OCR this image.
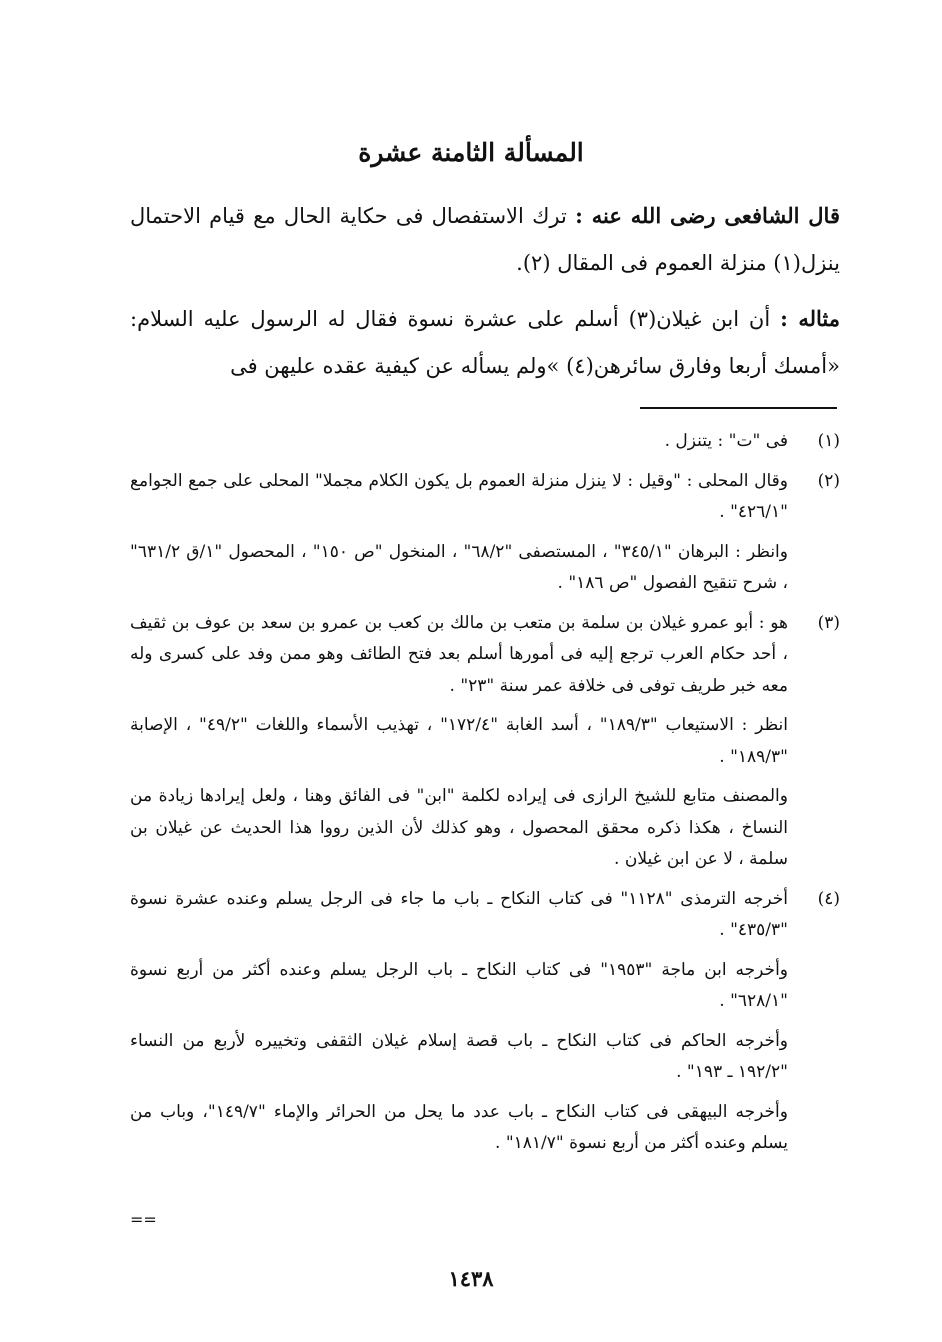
المسألة الثامنة عشرة
قال الشافعى رضى الله عنه : ترك الاستفصال فى حكاية الحال مع قيام الاحتمال ينزل(١) منزلة العموم فى المقال (٢).
مثاله : أن ابن غيلان(٣) أسلم على عشرة نسوة فقال له الرسول عليه السلام: «أمسك أربعا وفارق سائرهن(٤) »ولم يسأله عن كيفية عقده عليهن فى
(١)

فى "ت" : يتنزل .

(٢)

وقال المحلى : "وقيل : لا ينزل منزلة العموم بل يكون الكلام مجملا" المحلى على جمع الجوامع "٤٢٦/١" .

وانظر : البرهان "٣٤٥/١" ، المستصفى "٦٨/٢" ، المنخول "ص ١٥٠" ، المحصول "١/ق ٦٣١/٢" ، شرح تنقيح الفصول "ص ١٨٦" .

(٣)

هو : أبو عمرو غيلان بن سلمة بن متعب بن مالك بن كعب بن عمرو بن سعد بن عوف بن ثقيف ، أحد حكام العرب ترجع إليه فى أمورها أسلم بعد فتح الطائف وهو ممن وفد على كسرى وله معه خبر طريف توفى فى خلافة عمر سنة "٢٣" .

انظر : الاستيعاب "١٨٩/٣" ، أسد الغابة "١٧٢/٤" ، تهذيب الأسماء واللغات "٤٩/٢" ، الإصابة "١٨٩/٣" .

والمصنف متابع للشيخ الرازى فى إيراده لكلمة "ابن" فى الفائق وهنا ، ولعل إيرادها زيادة من النساخ ، هكذا ذكره محقق المحصول ، وهو كذلك لأن الذين رووا هذا الحديث عن غيلان بن سلمة ، لا عن ابن غيلان .

(٤)

أخرجه الترمذى "١١٢٨" فى كتاب النكاح ـ باب ما جاء فى الرجل يسلم وعنده عشرة نسوة "٤٣٥/٣" .

وأخرجه ابن ماجة "١٩٥٣" فى كتاب النكاح ـ باب الرجل يسلم وعنده أكثر من أربع نسوة "٦٢٨/١" .

وأخرجه الحاكم فى كتاب النكاح ـ باب قصة إسلام غيلان الثقفى وتخييره لأربع من النساء "١٩٢/٢ ـ ١٩٣" .

وأخرجه البيهقى فى كتاب النكاح ـ باب عدد ما يحل من الحرائر والإماء "١٤٩/٧"، وباب من يسلم وعنده أكثر من أربع نسوة "١٨١/٧" .

==
١٤٣٨
